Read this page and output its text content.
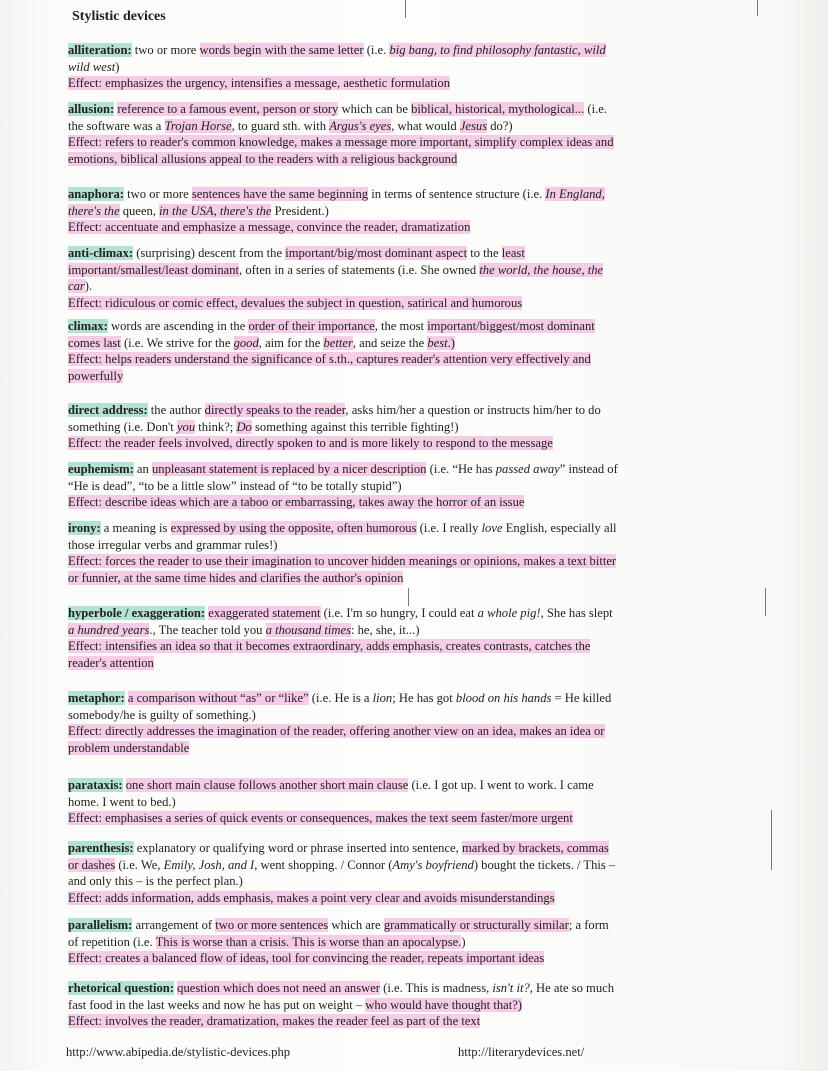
Stylistic devices

alliteration: two or more words begin with the same letter (i.e. big bang, to find philosophy fantastic, wild
wild west)

Effect: emphasizes the urgency, intensifies a message, aesthetic formulation

allusion: reference to a famous event, person or story which can be biblical, historical, mythological... (i.e.
the software was a Trojan Horse, to guard sth. with Argus's eyes, what would Jesus do?)

Effect: refers to reader's common knowledge, makes a message more important, simplify complex ideas and
emotions, biblical allusions appeal to the readers with a religious background

anaphora: two or more sentences have the same beginning in terms of sentence structure (i.e. In England,
there's the queen, in the USA, there's the President.)

Effect: accentuate and emphasize a message, convince the reader, dramatization

anti-climax: (surprising) descent from the important/big/most dominant aspect to the least
important/smallest/least dominant, often in a series of statements (i.e. She owned the world, the house, the
car).

Effect: ridiculous or comic effect, devalues the subject in question, satirical and humorous

climax: words are ascending in the order of their importance, the most important/biggest/most dominant
comes last (i.e. We strive for the good, aim for the better, and seize the best.)

Effect: helps readers understand the significance of s.th., captures reader's attention very effectively and
powerfully

direct address: the author directly speaks to the reader, asks him/her a question or instructs him/her to do
something (i.e. Don't you think?; Do something against this terrible fighting!)

Effect: the reader feels involved, directly spoken to and is more likely to respond to the message

euphemism: an unpleasant statement is replaced by a nicer description (i.e. “He has passed away” instead of
“He is dead”, “to be a little slow” instead of “to be totally stupid”)

Effect: describe ideas which are a taboo or embarrassing, takes away the horror of an issue

irony: a meaning is expressed by using the opposite, often humorous (i.e. I really love English, especially all
those irregular verbs and grammar rules!)

Effect: forces the reader to use their imagination to uncover hidden meanings or opinions, makes a text bitter
or funnier, at the same time hides and clarifies the author's opinion

hyperbole / exaggeration: exaggerated statement (i.e. I'm so hungry, I could eat a whole pig!, She has slept
a hundred years., The teacher told you a thousand times: he, she, it...)

Effect: intensifies an idea so that it becomes extraordinary, adds emphasis, creates contrasts, catches the
reader's attention

metaphor: a comparison without “as” or “like” (i.e. He is a lion; He has got blood on his hands = He killed
somebody/he is guilty of something.)

Effect: directly addresses the imagination of the reader, offering another view on an idea, makes an idea or
problem understandable

parataxis: one short main clause follows another short main clause (i.e. I got up. I went to work. I came
home. I went to bed.)

Effect: emphasises a series of quick events or consequences, makes the text seem faster/more urgent

parenthesis: explanatory or qualifying word or phrase inserted into sentence, marked by brackets, commas
or dashes (i.e. We, Emily, Josh, and I, went shopping. / Connor (Amy's boyfriend) bought the tickets. / This –
and only this – is the perfect plan.)

Effect: adds information, adds emphasis, makes a point very clear and avoids misunderstandings

parallelism: arrangement of two or more sentences which are grammatically or structurally similar; a form
of repetition (i.e. This is worse than a crisis. This is worse than an apocalypse.)

Effect: creates a balanced flow of ideas, tool for convincing the reader, repeats important ideas

rhetorical question: question which does not need an answer (i.e. This is madness, isn't it?, He ate so much
fast food in the last weeks and now he has put on weight – who would have thought that?)

Effect: involves the reader, dramatization, makes the reader feel as part of the text

http://www.abipedia.de/stylistic-devices.php	http://literarydevices.net/
